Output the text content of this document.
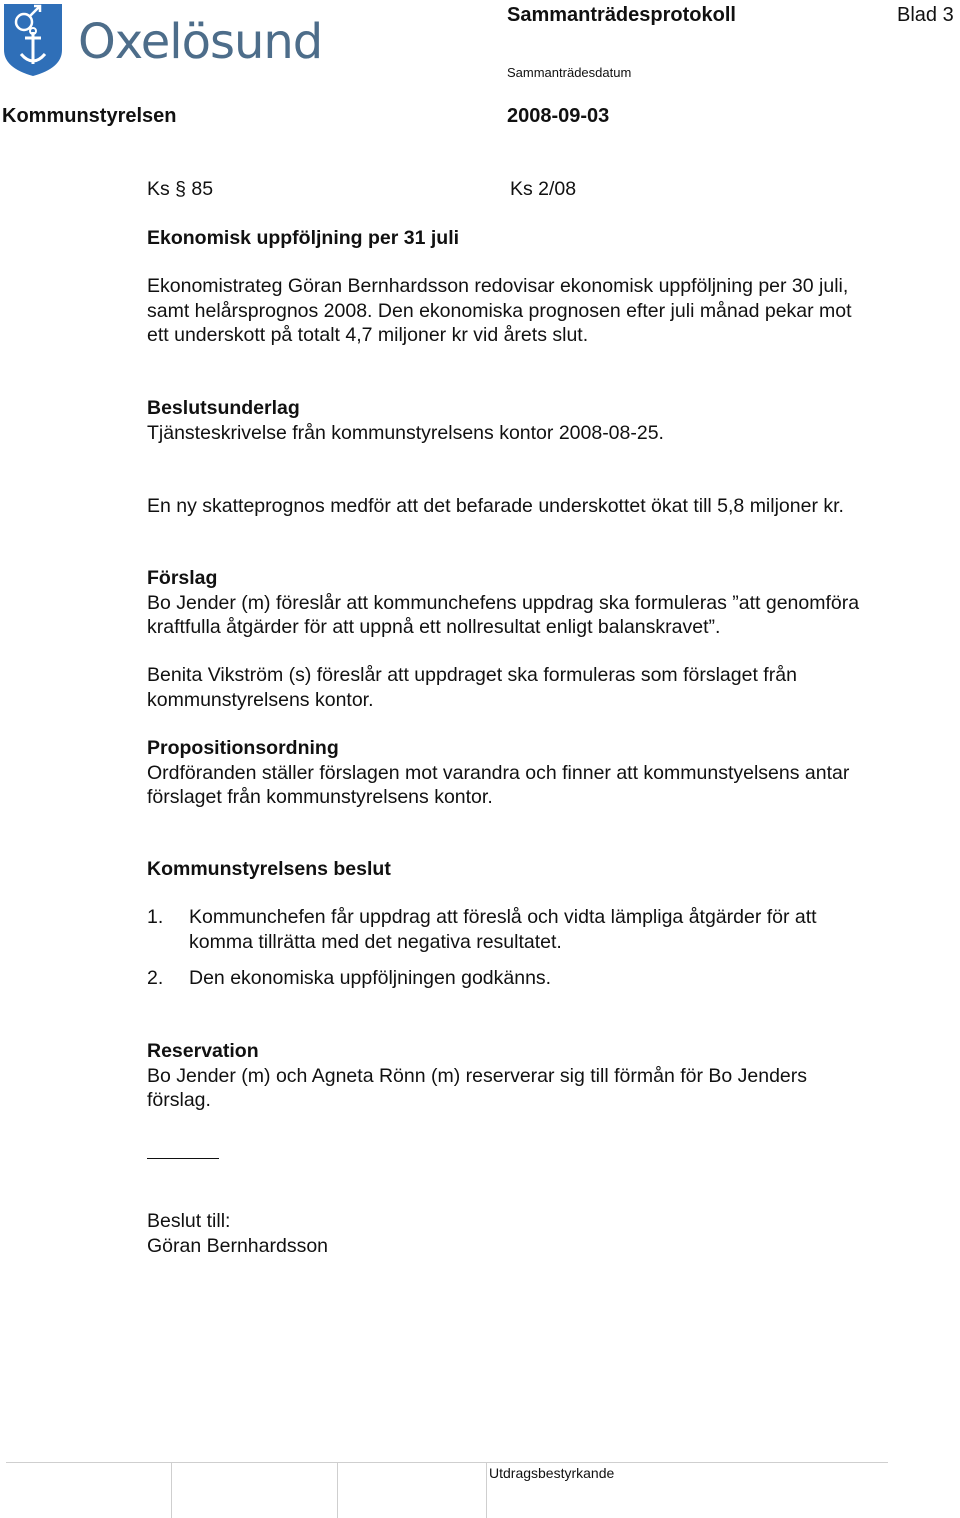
Oxelösund	Sammanträdesprotokoll	Blad 3
Sammanträdesdatum
Kommunstyrelsen	2008-09-03
Ks § 85	Ks 2/08
Ekonomisk uppföljning per 31 juli
Ekonomistrateg Göran Bernhardsson redovisar ekonomisk uppföljning per 30 juli,
samt helårsprognos 2008. Den ekonomiska prognosen efter juli månad pekar mot
ett underskott på totalt 4,7 miljoner kr vid årets slut.
Beslutsunderlag
Tjänsteskrivelse från kommunstyrelsens kontor 2008-08-25.
En ny skatteprognos medför att det befarade underskottet ökat till 5,8 miljoner kr.
Förslag
Bo Jender (m) föreslår att kommunchefens uppdrag ska formuleras ”att genomföra
kraftfulla åtgärder för att uppnå ett nollresultat enligt balanskravet”.
Benita Vikström (s) föreslår att uppdraget ska formuleras som förslaget från
kommunstyrelsens kontor.
Propositionsordning
Ordföranden ställer förslagen mot varandra och finner att kommunstyelsens antar
förslaget från kommunstyrelsens kontor.
Kommunstyrelsens beslut
1. Kommunchefen får uppdrag att föreslå och vidta lämpliga åtgärder för att
komma tillrätta med det negativa resultatet.
2. Den ekonomiska uppföljningen godkänns.
Reservation
Bo Jender (m) och Agneta Rönn (m) reserverar sig till förmån för Bo Jenders
förslag.
Beslut till:
Göran Bernhardsson
Utdragsbestyrkande
